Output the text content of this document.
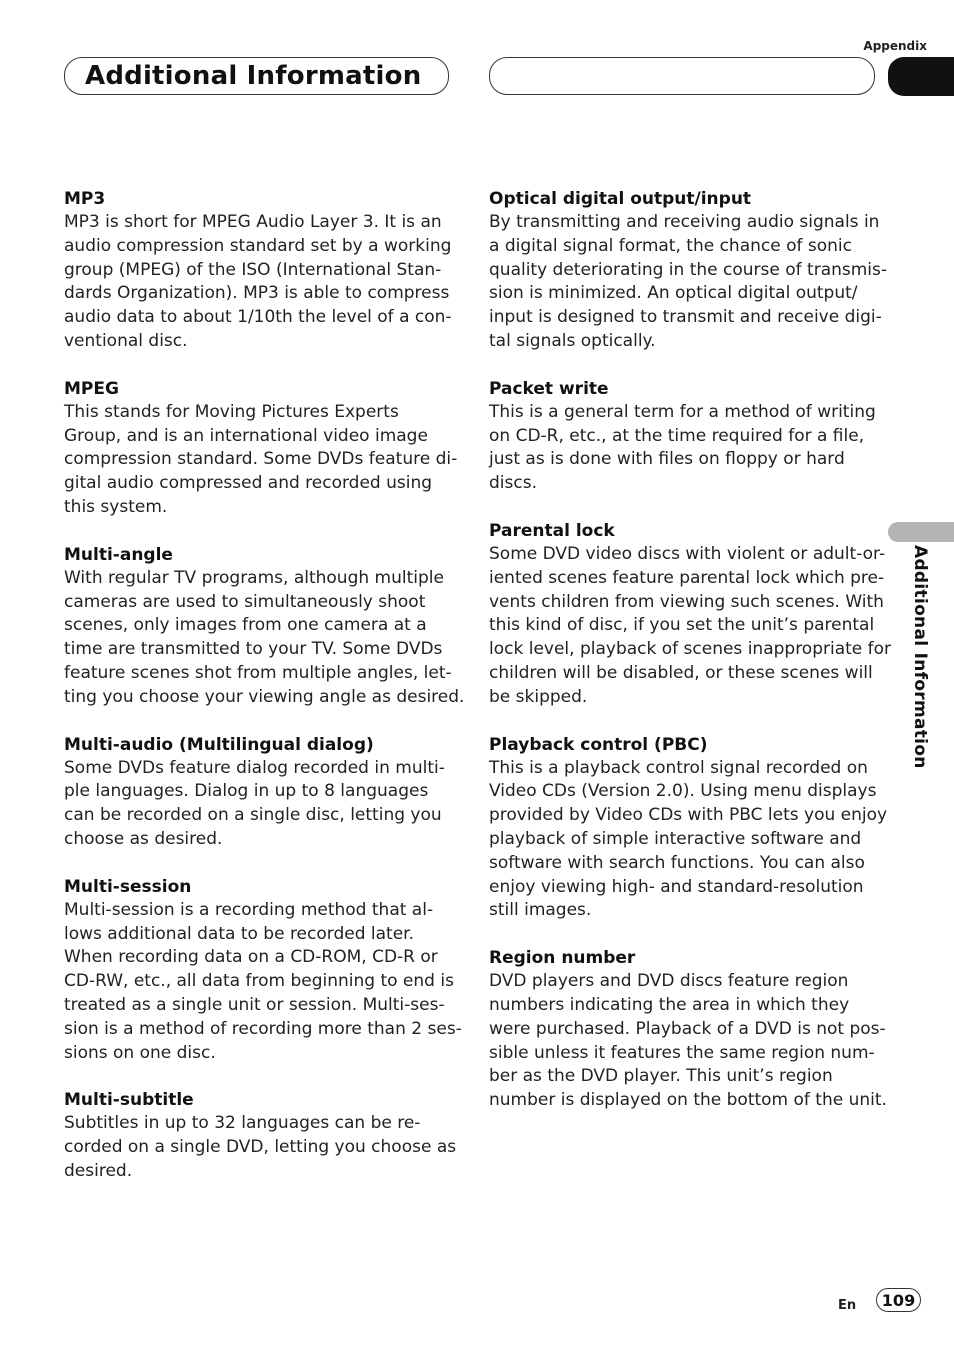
Appendix
Additional Information
Additional Information
MP3

MP3 is short for MPEG Audio Layer 3. It is an
audio compression standard set by a working
group (MPEG) of the ISO (International Stan-
dards Organization). MP3 is able to compress
audio data to about 1/10th the level of a con-
ventional disc.

MPEG

This stands for Moving Pictures Experts
Group, and is an international video image
compression standard. Some DVDs feature di-
gital audio compressed and recorded using
this system.

Multi-angle

With regular TV programs, although multiple
cameras are used to simultaneously shoot
scenes, only images from one camera at a
time are transmitted to your TV. Some DVDs
feature scenes shot from multiple angles, let-
ting you choose your viewing angle as desired.

Multi-audio (Multilingual dialog)

Some DVDs feature dialog recorded in multi-
ple languages. Dialog in up to 8 languages
can be recorded on a single disc, letting you
choose as desired.

Multi-session

Multi-session is a recording method that al-
lows additional data to be recorded later.
When recording data on a CD-ROM, CD-R or
CD-RW, etc., all data from beginning to end is
treated as a single unit or session. Multi-ses-
sion is a method of recording more than 2 ses-
sions on one disc.

Multi-subtitle

Subtitles in up to 32 languages can be re-
corded on a single DVD, letting you choose as
desired.

Optical digital output/input

By transmitting and receiving audio signals in
a digital signal format, the chance of sonic
quality deteriorating in the course of transmis-
sion is minimized. An optical digital output/
input is designed to transmit and receive digi-
tal signals optically.

Packet write

This is a general term for a method of writing
on CD-R, etc., at the time required for a file,
just as is done with files on floppy or hard
discs.

Parental lock

Some DVD video discs with violent or adult-or-
iented scenes feature parental lock which pre-
vents children from viewing such scenes. With
this kind of disc, if you set the unit’s parental
lock level, playback of scenes inappropriate for
children will be disabled, or these scenes will
be skipped.

Playback control (PBC)

This is a playback control signal recorded on
Video CDs (Version 2.0). Using menu displays
provided by Video CDs with PBC lets you enjoy
playback of simple interactive software and
software with search functions. You can also
enjoy viewing high- and standard-resolution
still images.

Region number

DVD players and DVD discs feature region
numbers indicating the area in which they
were purchased. Playback of a DVD is not pos-
sible unless it features the same region num-
ber as the DVD player. This unit’s region
number is displayed on the bottom of the unit.

En	109
